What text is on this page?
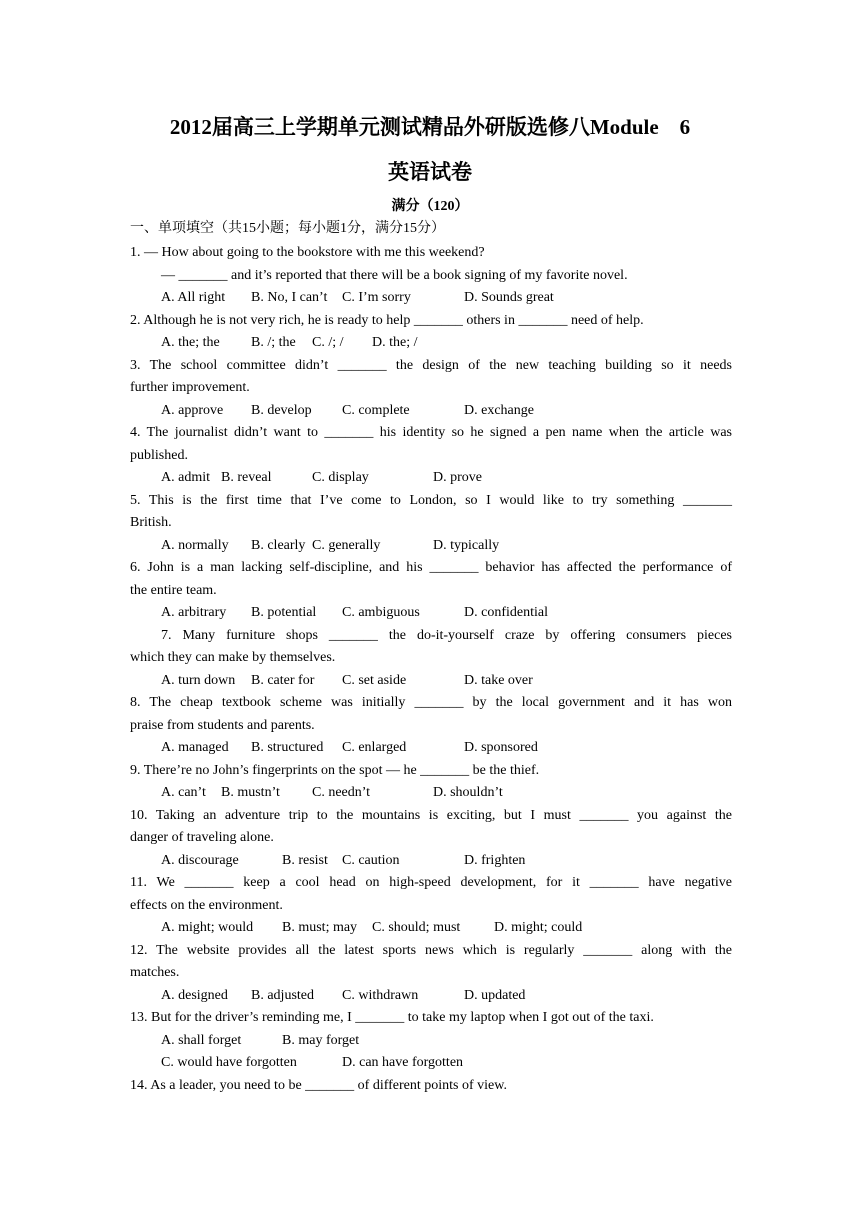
2012届高三上学期单元测试精品外研版选修八Module    6
英语试卷
满分（120）
一、单项填空（共15小题；每小题1分，满分15分）
1. — How about going to the bookstore with me this weekend?
— _______ and it’s reported that there will be a book signing of my favorite novel.
A. All right B. No, I can’t C. I’m sorry	D. Sounds great
2. Although he is not very rich, he is ready to help _______ others in _______ need of help.
A. the; the B. /; the C. /; / D. the; /
3. The school committee didn’t _______ the design of the new teaching building so it needs
further improvement.
A. approve B. develop C. complete	D. exchange
4. The journalist didn’t want to _______ his identity so he signed a pen name when the article was
published.
A. admit B. reveal	C. display	D. prove
5. This is the first time that I’ve come to London, so I would like to try something _______
British.
A. normally B. clearly C. generally	D. typically
6. John is a man lacking self-discipline, and his _______ behavior has affected the performance of
the entire team.
A. arbitrary B. potential C. ambiguous	D. confidential
7. Many furniture shops _______ the do-it-yourself craze by offering consumers pieces
which they can make by themselves.
A. turn down B. cater for C. set aside	D. take over
8. The cheap textbook scheme was initially _______ by the local government and it has won
praise from students and parents.
A. managed B. structured C. enlarged	D. sponsored
9. There’re no John’s fingerprints on the spot — he _______ be the thief.
A. can’t B. mustn’t C. needn’t	D. shouldn’t
10. Taking an adventure trip to the mountains is exciting, but I must _______ you against the
danger of traveling alone.
A. discourage	B. resist C. caution	D. frighten
11. We _______ keep a cool head on high-speed development, for it _______ have negative
effects on the environment.
A. might; would B. must; may C. should; must D. might; could
12. The website provides all the latest sports news which is regularly _______ along with the
matches.
A. designed B. adjusted C. withdrawn	D. updated
13. But for the driver’s reminding me, I _______ to take my laptop when I got out of the taxi.
A. shall forget	B. may forget
C. would have forgotten	D. can have forgotten
14. As a leader, you need to be _______ of different points of view.
